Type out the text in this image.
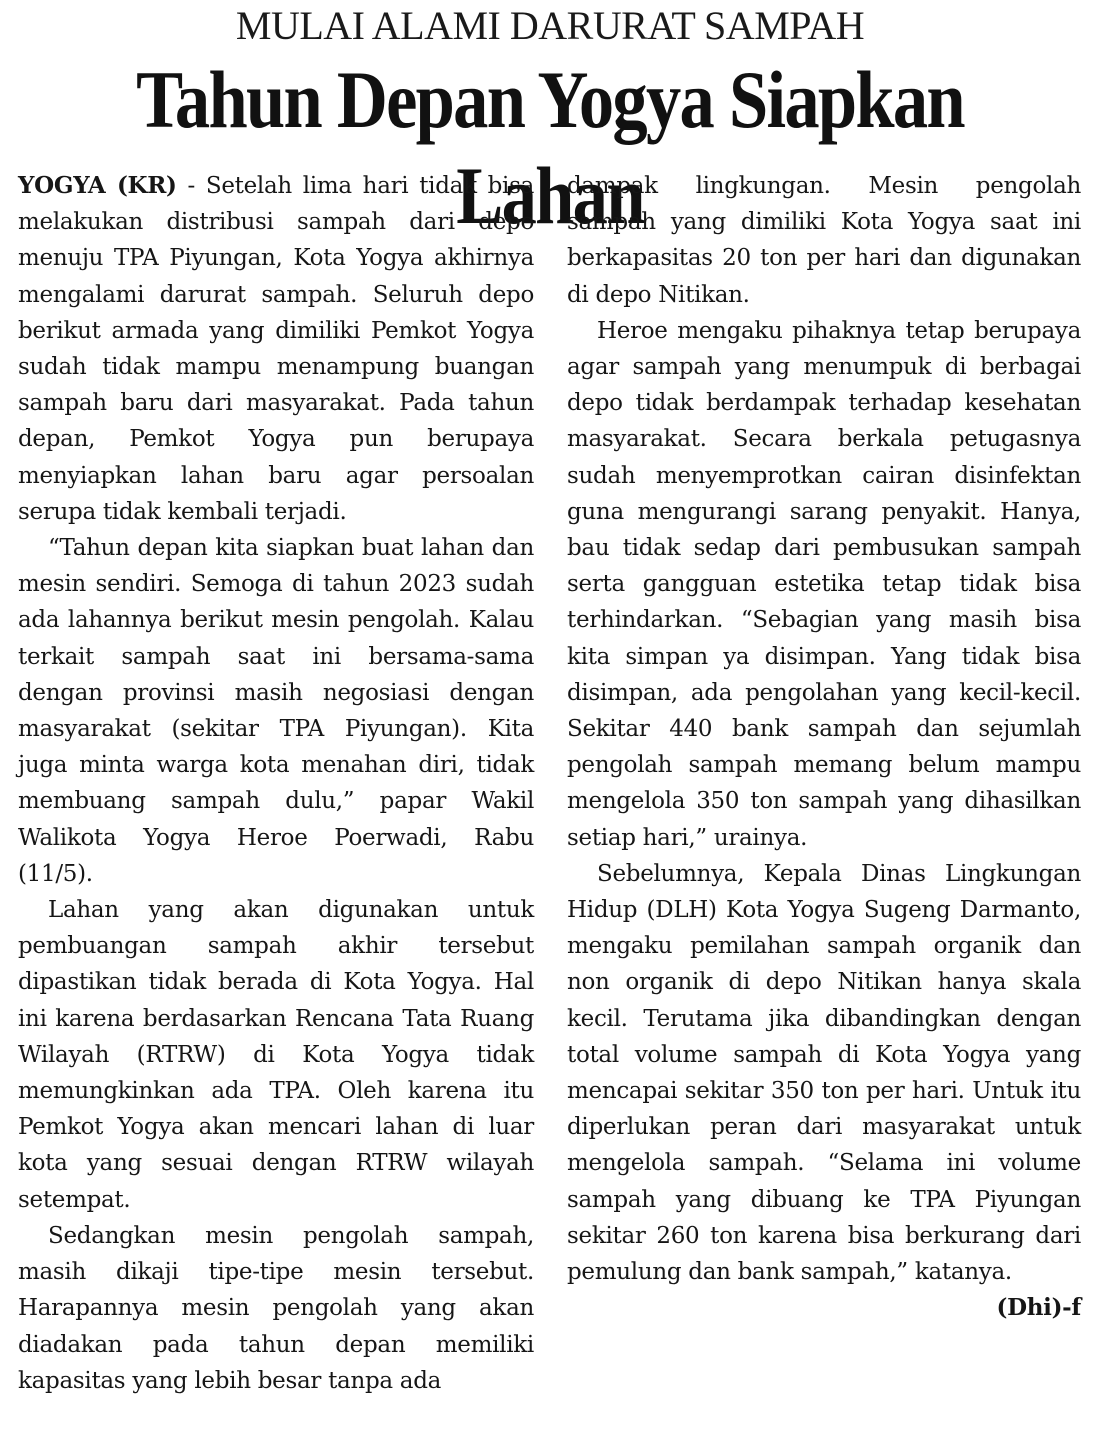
MULAI ALAMI DARURAT SAMPAH
Tahun Depan Yogya Siapkan Lahan

YOGYA (KR) - Setelah lima hari tidak bisa melakukan distribusi sampah dari depo menuju TPA Piyungan, Kota Yogya akhirnya mengalami darurat sampah. Seluruh depo berikut armada yang dimiliki Pemkot Yogya sudah tidak mampu menampung buangan sampah baru dari masyarakat. Pada tahun depan, Pemkot Yogya pun berupaya menyiapkan lahan baru agar persoalan serupa tidak kembali terjadi.

“Tahun depan kita siapkan buat lahan dan mesin sendiri. Semoga di tahun 2023 sudah ada lahannya berikut mesin pengolah. Kalau terkait sampah saat ini bersama-sama dengan provinsi masih negosiasi dengan masyarakat (sekitar TPA Piyungan). Kita juga minta warga kota menahan diri, tidak membuang sampah dulu,” papar Wakil Walikota Yogya Heroe Poerwadi, Rabu (11/5).

Lahan yang akan digunakan untuk pembuangan sampah akhir tersebut dipastikan tidak berada di Kota Yogya. Hal ini karena berdasarkan Rencana Tata Ruang Wilayah (RTRW) di Kota Yogya tidak memungkinkan ada TPA. Oleh karena itu Pemkot Yogya akan mencari lahan di luar kota yang sesuai dengan RTRW wilayah setempat.

Sedangkan mesin pengolah sampah, masih dikaji tipe-tipe mesin tersebut. Harapannya mesin pengolah yang akan diadakan pada tahun depan memiliki kapasitas yang lebih besar tanpa ada

dampak lingkungan. Mesin pengolah sampah yang dimiliki Kota Yogya saat ini berkapasitas 20 ton per hari dan digunakan di depo Nitikan.

Heroe mengaku pihaknya tetap berupaya agar sampah yang menumpuk di berbagai depo tidak berdampak terhadap kesehatan masyarakat. Secara berkala petugasnya sudah menyemprotkan cairan disinfektan guna mengurangi sarang penyakit. Hanya, bau tidak sedap dari pembusukan sampah serta gangguan estetika tetap tidak bisa terhindarkan. “Sebagian yang masih bisa kita simpan ya disimpan. Yang tidak bisa disimpan, ada pengolahan yang kecil-kecil. Sekitar 440 bank sampah dan sejumlah pengolah sampah memang belum mampu mengelola 350 ton sampah yang dihasilkan setiap hari,” urainya.

Sebelumnya, Kepala Dinas Lingkungan Hidup (DLH) Kota Yogya Sugeng Darmanto, mengaku pemilahan sampah organik dan non organik di depo Nitikan hanya skala kecil. Terutama jika dibandingkan dengan total volume sampah di Kota Yogya yang mencapai sekitar 350 ton per hari. Untuk itu diperlukan peran dari masyarakat untuk mengelola sampah. “Selama ini volume sampah yang dibuang ke TPA Piyungan sekitar 260 ton karena bisa berkurang dari pemulung dan bank sampah,” katanya.
(Dhi)-f
